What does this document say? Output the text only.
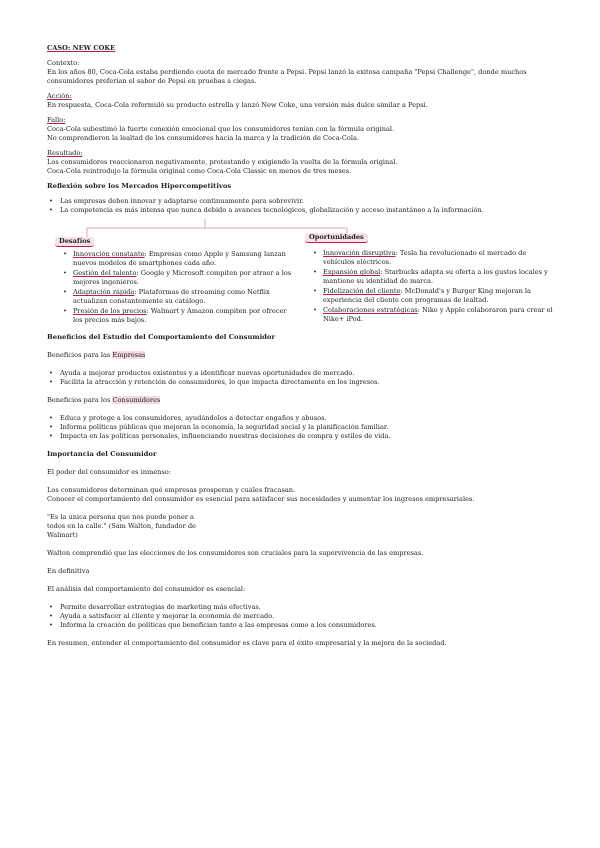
CASO: NEW COKE

Contexto:

En los años 80, Coca-Cola estaba perdiendo cuota de mercado frente a Pepsi. Pepsi lanzó la exitosa campaña "Pepsi Challenge", donde muchos consumidores preferían el sabor de Pepsi en pruebas a ciegas.

Acción:

En respuesta, Coca-Cola reformuló su producto estrella y lanzó New Coke, una versión más dulce similar a Pepsi.

Fallo:

Coca-Cola subestimó la fuerte conexión emocional que los consumidores tenían con la fórmula original.

No comprendieron la lealtad de los consumidores hacia la marca y la tradición de Coca-Cola.

Resultado:

Los consumidores reaccionaron negativamente, protestando y exigiendo la vuelta de la fórmula original.

Coca-Cola reintrodujo la fórmula original como Coca-Cola Classic en menos de tres meses.

Reflexión sobre los Mercados Hipercompetitivos

• Las empresas deben innovar y adaptarse continuamente para sobrevivir.
• La competencia es más intensa que nunca debido a avances tecnológicos, globalización y acceso instantáneo a la información.
Desafíos
• Innovación constante: Empresas como Apple y Samsung lanzan nuevos modelos de smartphones cada año.
• Gestión del talento: Google y Microsoft compiten por atraer a los mejores ingenieros.
• Adaptación rápida: Plataformas de streaming como Netflix actualizan constantemente su catálogo.
• Presión de los precios: Walmart y Amazon compiten por ofrecer los precios más bajos.
Oportunidades
• Innovación disruptiva: Tesla ha revolucionado el mercado de vehículos eléctricos.
• Expansión global: Starbucks adapta su oferta a los gustos locales y mantiene su identidad de marca.
• Fidelización del cliente: McDonald's y Burger King mejoran la experiencia del cliente con programas de lealtad.
• Colaboraciones estratégicas: Nike y Apple colaboraron para crear el Nike+ iPod.

Beneficios del Estudio del Comportamiento del Consumidor

Beneficios para las Empresas

• Ayuda a mejorar productos existentes y a identificar nuevas oportunidades de mercado.
• Facilita la atracción y retención de consumidores, lo que impacta directamente en los ingresos.

Beneficios para los Consumidores

• Educa y protege a los consumidores, ayudándolos a detectar engaños y abusos.
• Informa políticas públicas que mejoran la economía, la seguridad social y la planificación familiar.
• Impacta en las políticas personales, influenciando nuestras decisiones de compra y estilos de vida.

Importancia del Consumidor

El poder del consumidor es inmenso:

Los consumidores determinan qué empresas prosperan y cuáles fracasan.

Conocer el comportamiento del consumidor es esencial para satisfacer sus necesidades y aumentar los ingresos empresariales.

"Es la única persona que nos puede poner a todos en la calle." (Sam Walton, fundador de Walmart)

Walton comprendió que las elecciones de los consumidores son cruciales para la supervivencia de las empresas.

En definitiva

El análisis del comportamiento del consumidor es esencial:

• Permite desarrollar estrategias de marketing más efectivas.
• Ayuda a satisfacer al cliente y mejorar la economía de mercado.
• Informa la creación de políticas que benefician tanto a las empresas como a los consumidores.

En resumen, entender el comportamiento del consumidor es clave para el éxito empresarial y la mejora de la sociedad.
